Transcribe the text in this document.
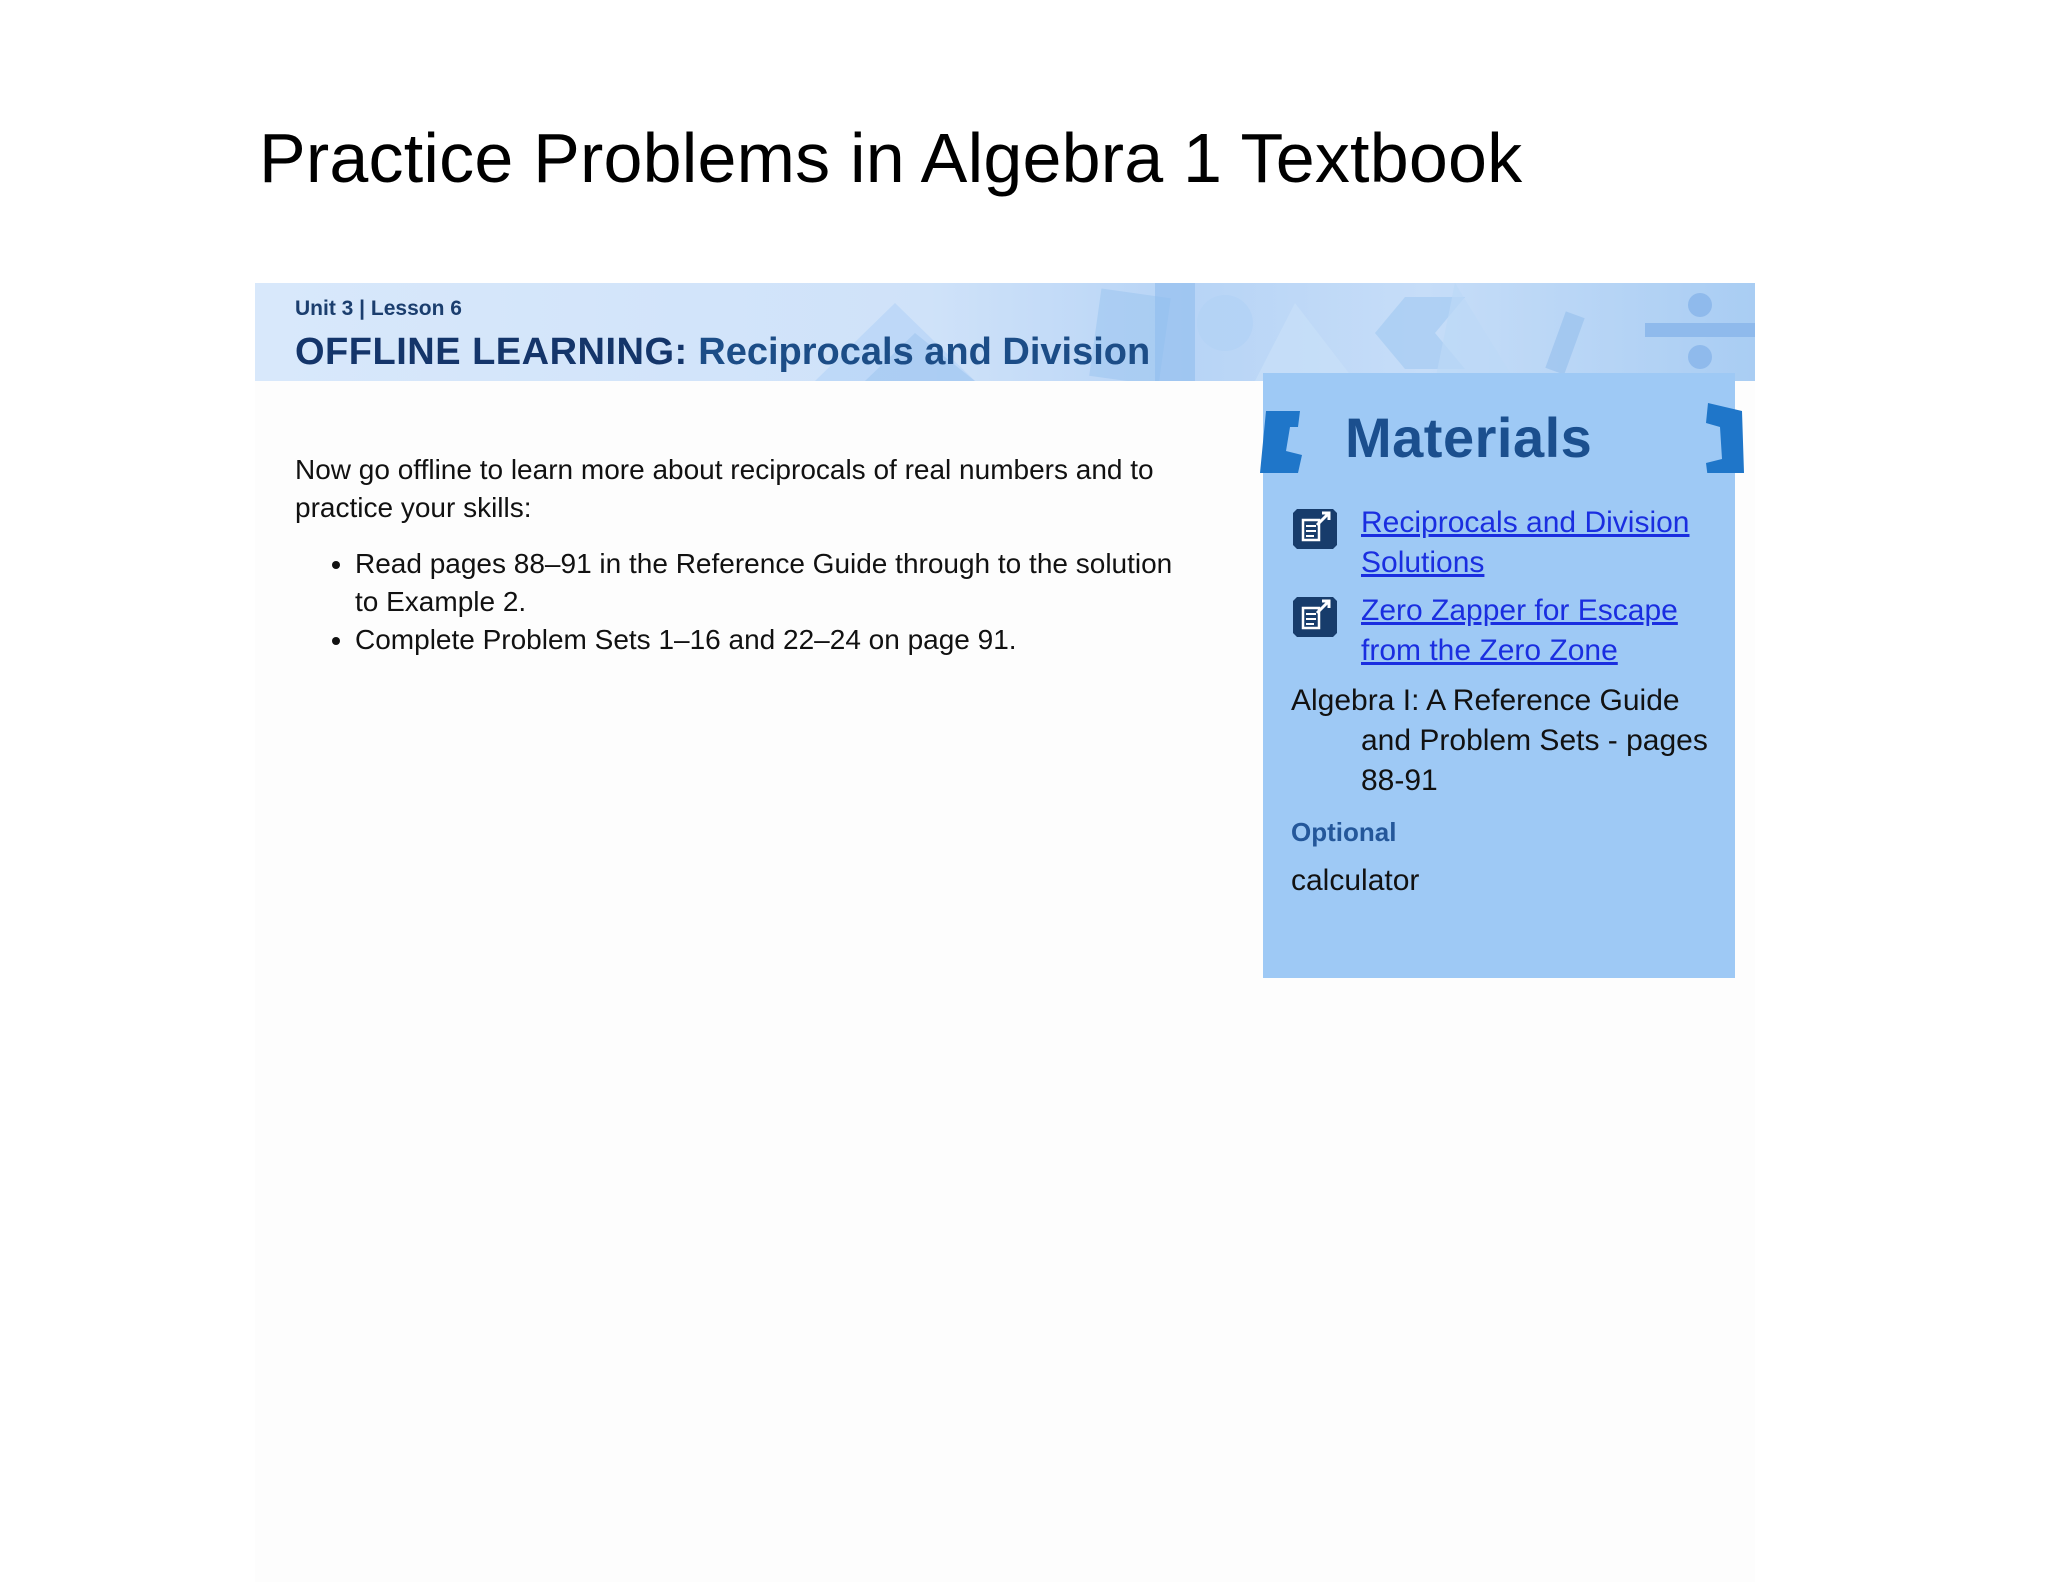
Practice Problems in Algebra 1 Textbook
Unit 3 | Lesson 6
OFFLINE LEARNING: Reciprocals and Division

Now go offline to learn more about reciprocals of real numbers and to practice your skills:

• Read pages 88–91 in the Reference Guide through to the solution to Example 2.
• Complete Problem Sets 1–16 and 22–24 on page 91.
Materials
Reciprocals and Division Solutions
Zero Zapper for Escape from the Zero Zone
Algebra I: A Reference Guide and Problem Sets - pages 88-91
Optional
calculator
